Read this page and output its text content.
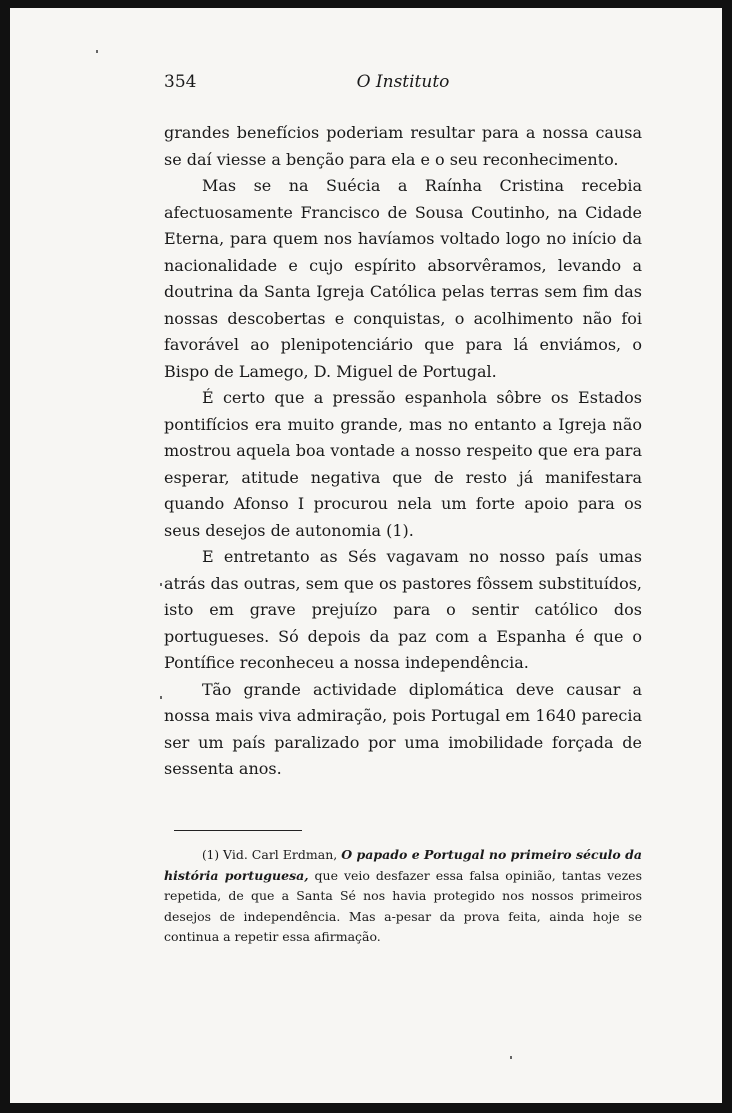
354	O Instituto

grandes benefícios poderiam resultar para a nossa causa se daí viesse a benção para ela e o seu reconhecimento.

Mas se na Suécia a Raínha Cristina recebia afectuosamente Francisco de Sousa Coutinho, na Cidade Eterna, para quem nos havíamos voltado logo no início da nacionalidade e cujo espírito absorvêramos, levando a doutrina da Santa Igreja Católica pelas terras sem fim das nossas descobertas e conquistas, o acolhimento não foi favorável ao plenipotenciário que para lá enviámos, o Bispo de Lamego, D. Miguel de Portugal.

É certo que a pressão espanhola sôbre os Estados pontifícios era muito grande, mas no entanto a Igreja não mostrou aquela boa vontade a nosso respeito que era para esperar, atitude negativa que de resto já manifestara quando Afonso I procurou nela um forte apoio para os seus desejos de autonomia (1).

E entretanto as Sés vagavam no nosso país umas atrás das outras, sem que os pastores fôssem substituídos, isto em grave prejuízo para o sentir católico dos portugueses. Só depois da paz com a Espanha é que o Pontífice reconheceu a nossa independência.

Tão grande actividade diplomática deve causar a nossa mais viva admiração, pois Portugal em 1640 parecia ser um país paralizado por uma imobilidade forçada de sessenta anos.

(1) Vid. Carl Erdman, O papado e Portugal no primeiro século da história portuguesa, que veio desfazer essa falsa opinião, tantas vezes repetida, de que a Santa Sé nos havia protegido nos nossos primeiros desejos de independência. Mas a-pesar da prova feita, ainda hoje se continua a repetir essa afirmação.
